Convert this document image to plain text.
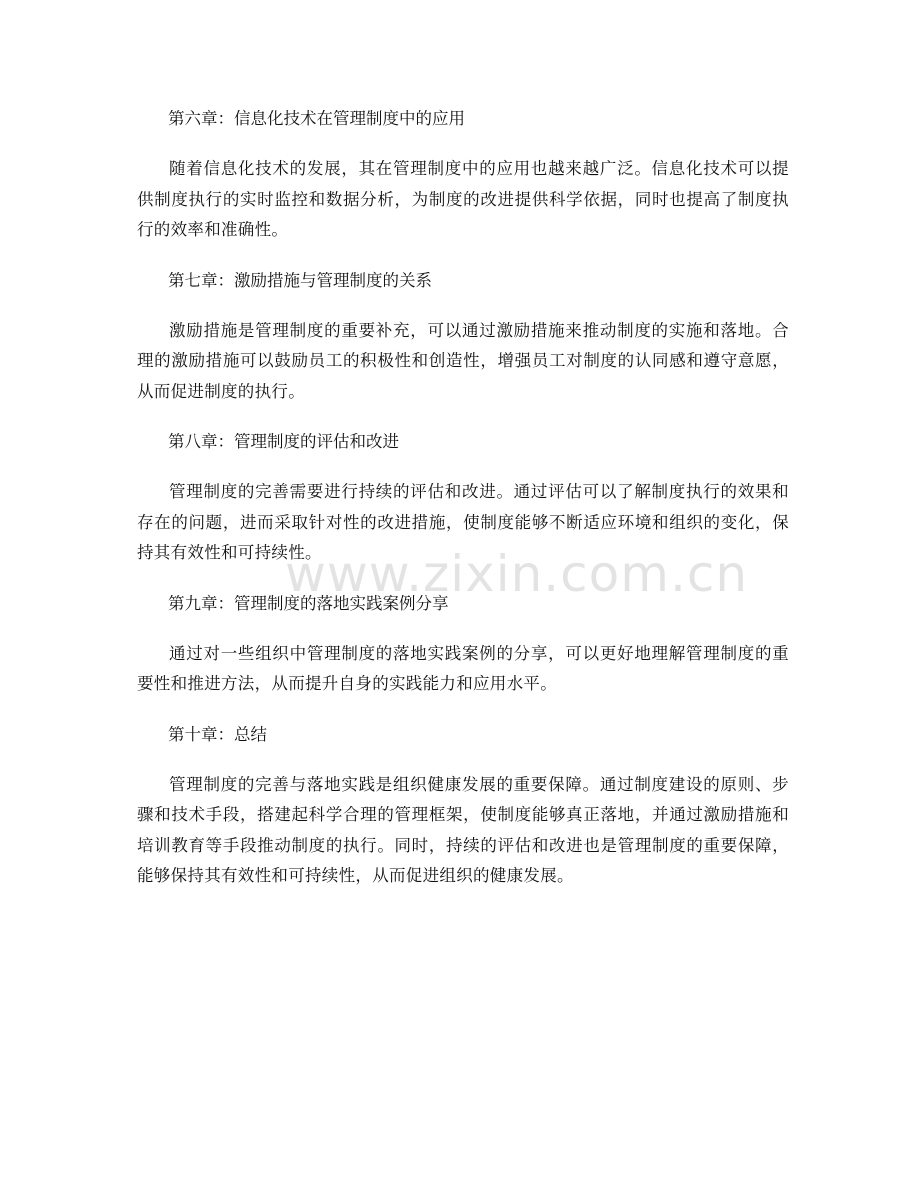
第六章：信息化技术在管理制度中的应用

随着信息化技术的发展，其在管理制度中的应用也越来越广泛。信息化技术可以提供制度执行的实时监控和数据分析，为制度的改进提供科学依据，同时也提高了制度执行的效率和准确性。

第七章：激励措施与管理制度的关系

激励措施是管理制度的重要补充，可以通过激励措施来推动制度的实施和落地。合理的激励措施可以鼓励员工的积极性和创造性，增强员工对制度的认同感和遵守意愿，从而促进制度的执行。

第八章：管理制度的评估和改进

管理制度的完善需要进行持续的评估和改进。通过评估可以了解制度执行的效果和存在的问题，进而采取针对性的改进措施，使制度能够不断适应环境和组织的变化，保持其有效性和可持续性。

第九章：管理制度的落地实践案例分享

通过对一些组织中管理制度的落地实践案例的分享，可以更好地理解管理制度的重要性和推进方法，从而提升自身的实践能力和应用水平。

第十章：总结

管理制度的完善与落地实践是组织健康发展的重要保障。通过制度建设的原则、步骤和技术手段，搭建起科学合理的管理框架，使制度能够真正落地，并通过激励措施和培训教育等手段推动制度的执行。同时，持续的评估和改进也是管理制度的重要保障，能够保持其有效性和可持续性，从而促进组织的健康发展。

www.zixin.com.cn
